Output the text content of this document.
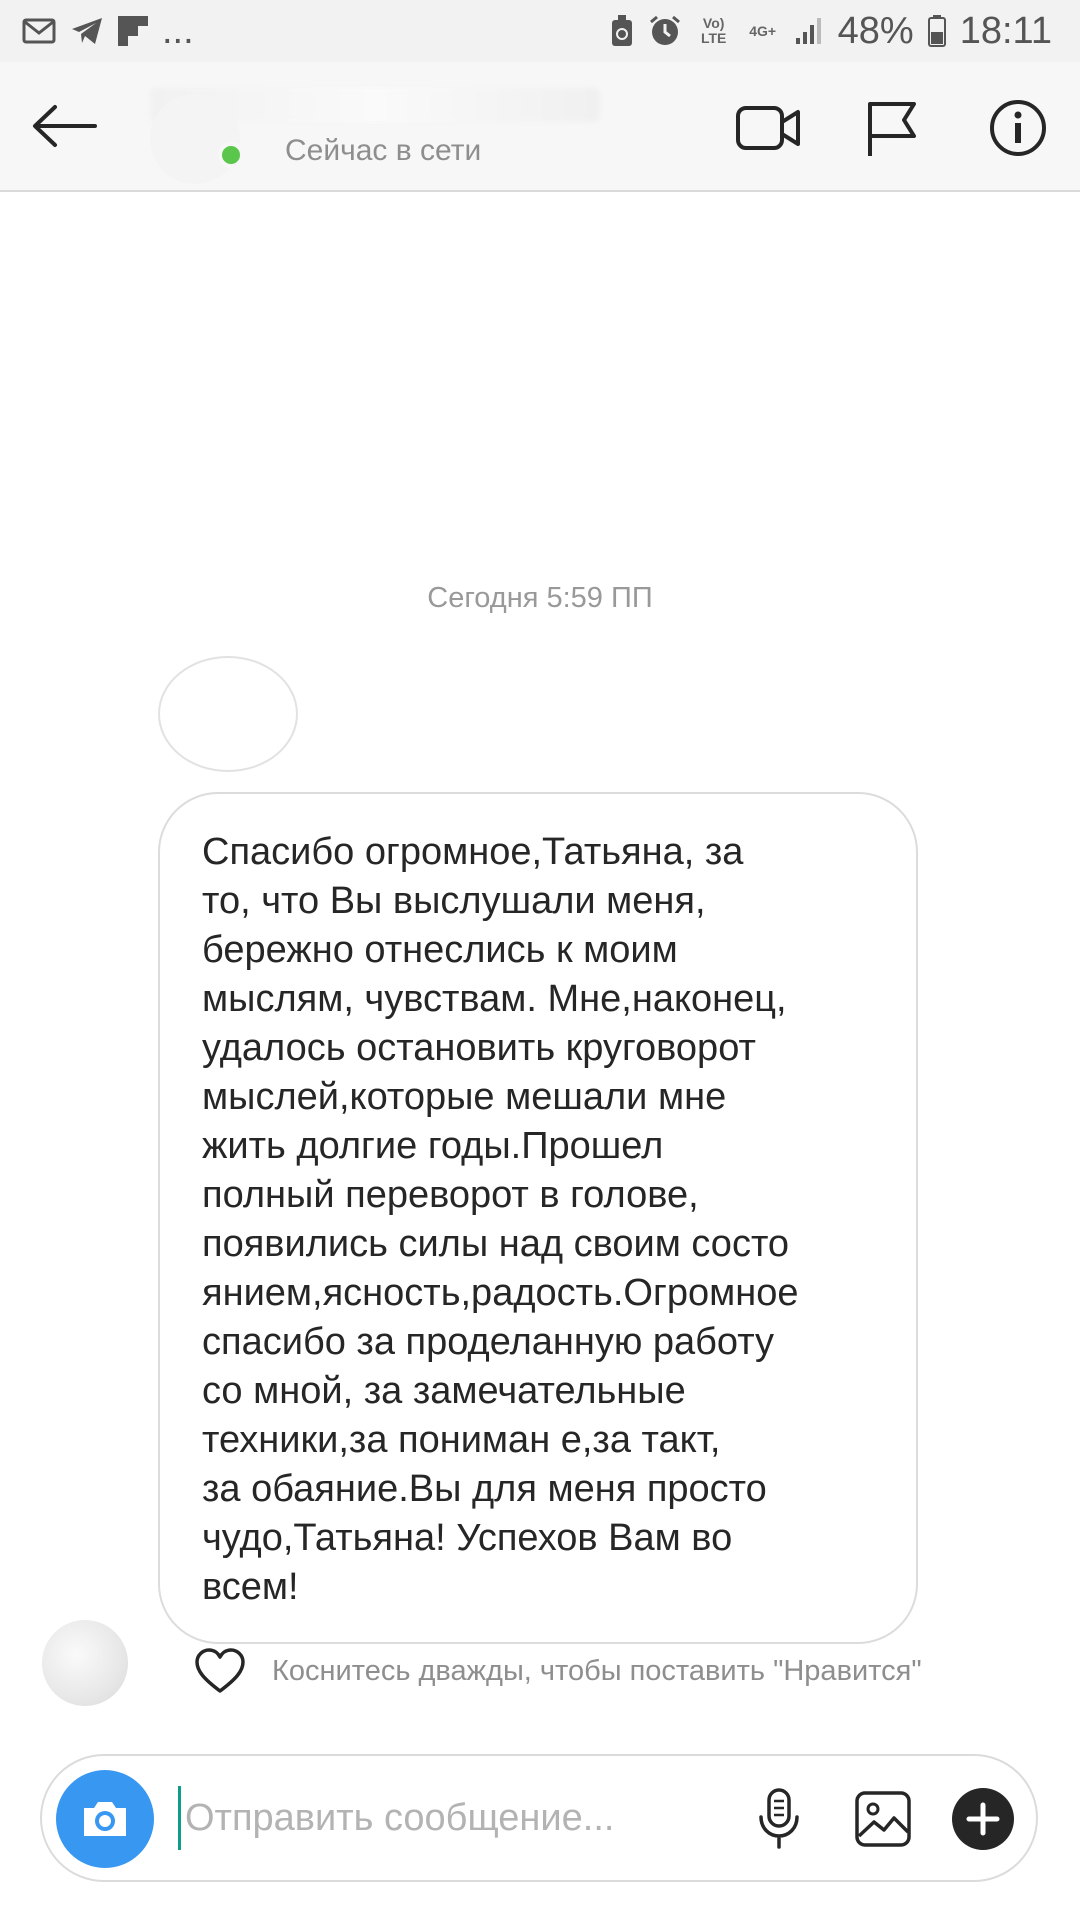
...	Vo) LTE	4G+ 48% 18:11
Сейчас в сети
Сегодня 5:59 ПП

Спасибо огромное,Татьяна, за
то, что Вы выслушали меня,
бережно отнеслись к моим
мыслям, чувствам. Мне,наконец,
удалось остановить круговорот
мыслей,которые мешали мне
жить долгие годы.Прошел
полный переворот в голове,
появились силы над своим состо
янием,ясность,радость.Огромное
спасибо за проделанную работу
со мной, за замечательные
техники,за пониман е,за такт,
за обаяние.Вы для меня просто
чудо,Татьяна! Успехов Вам во
всем!

Коснитесь дважды, чтобы поставить "Нравится"
Отправить сообщение...
